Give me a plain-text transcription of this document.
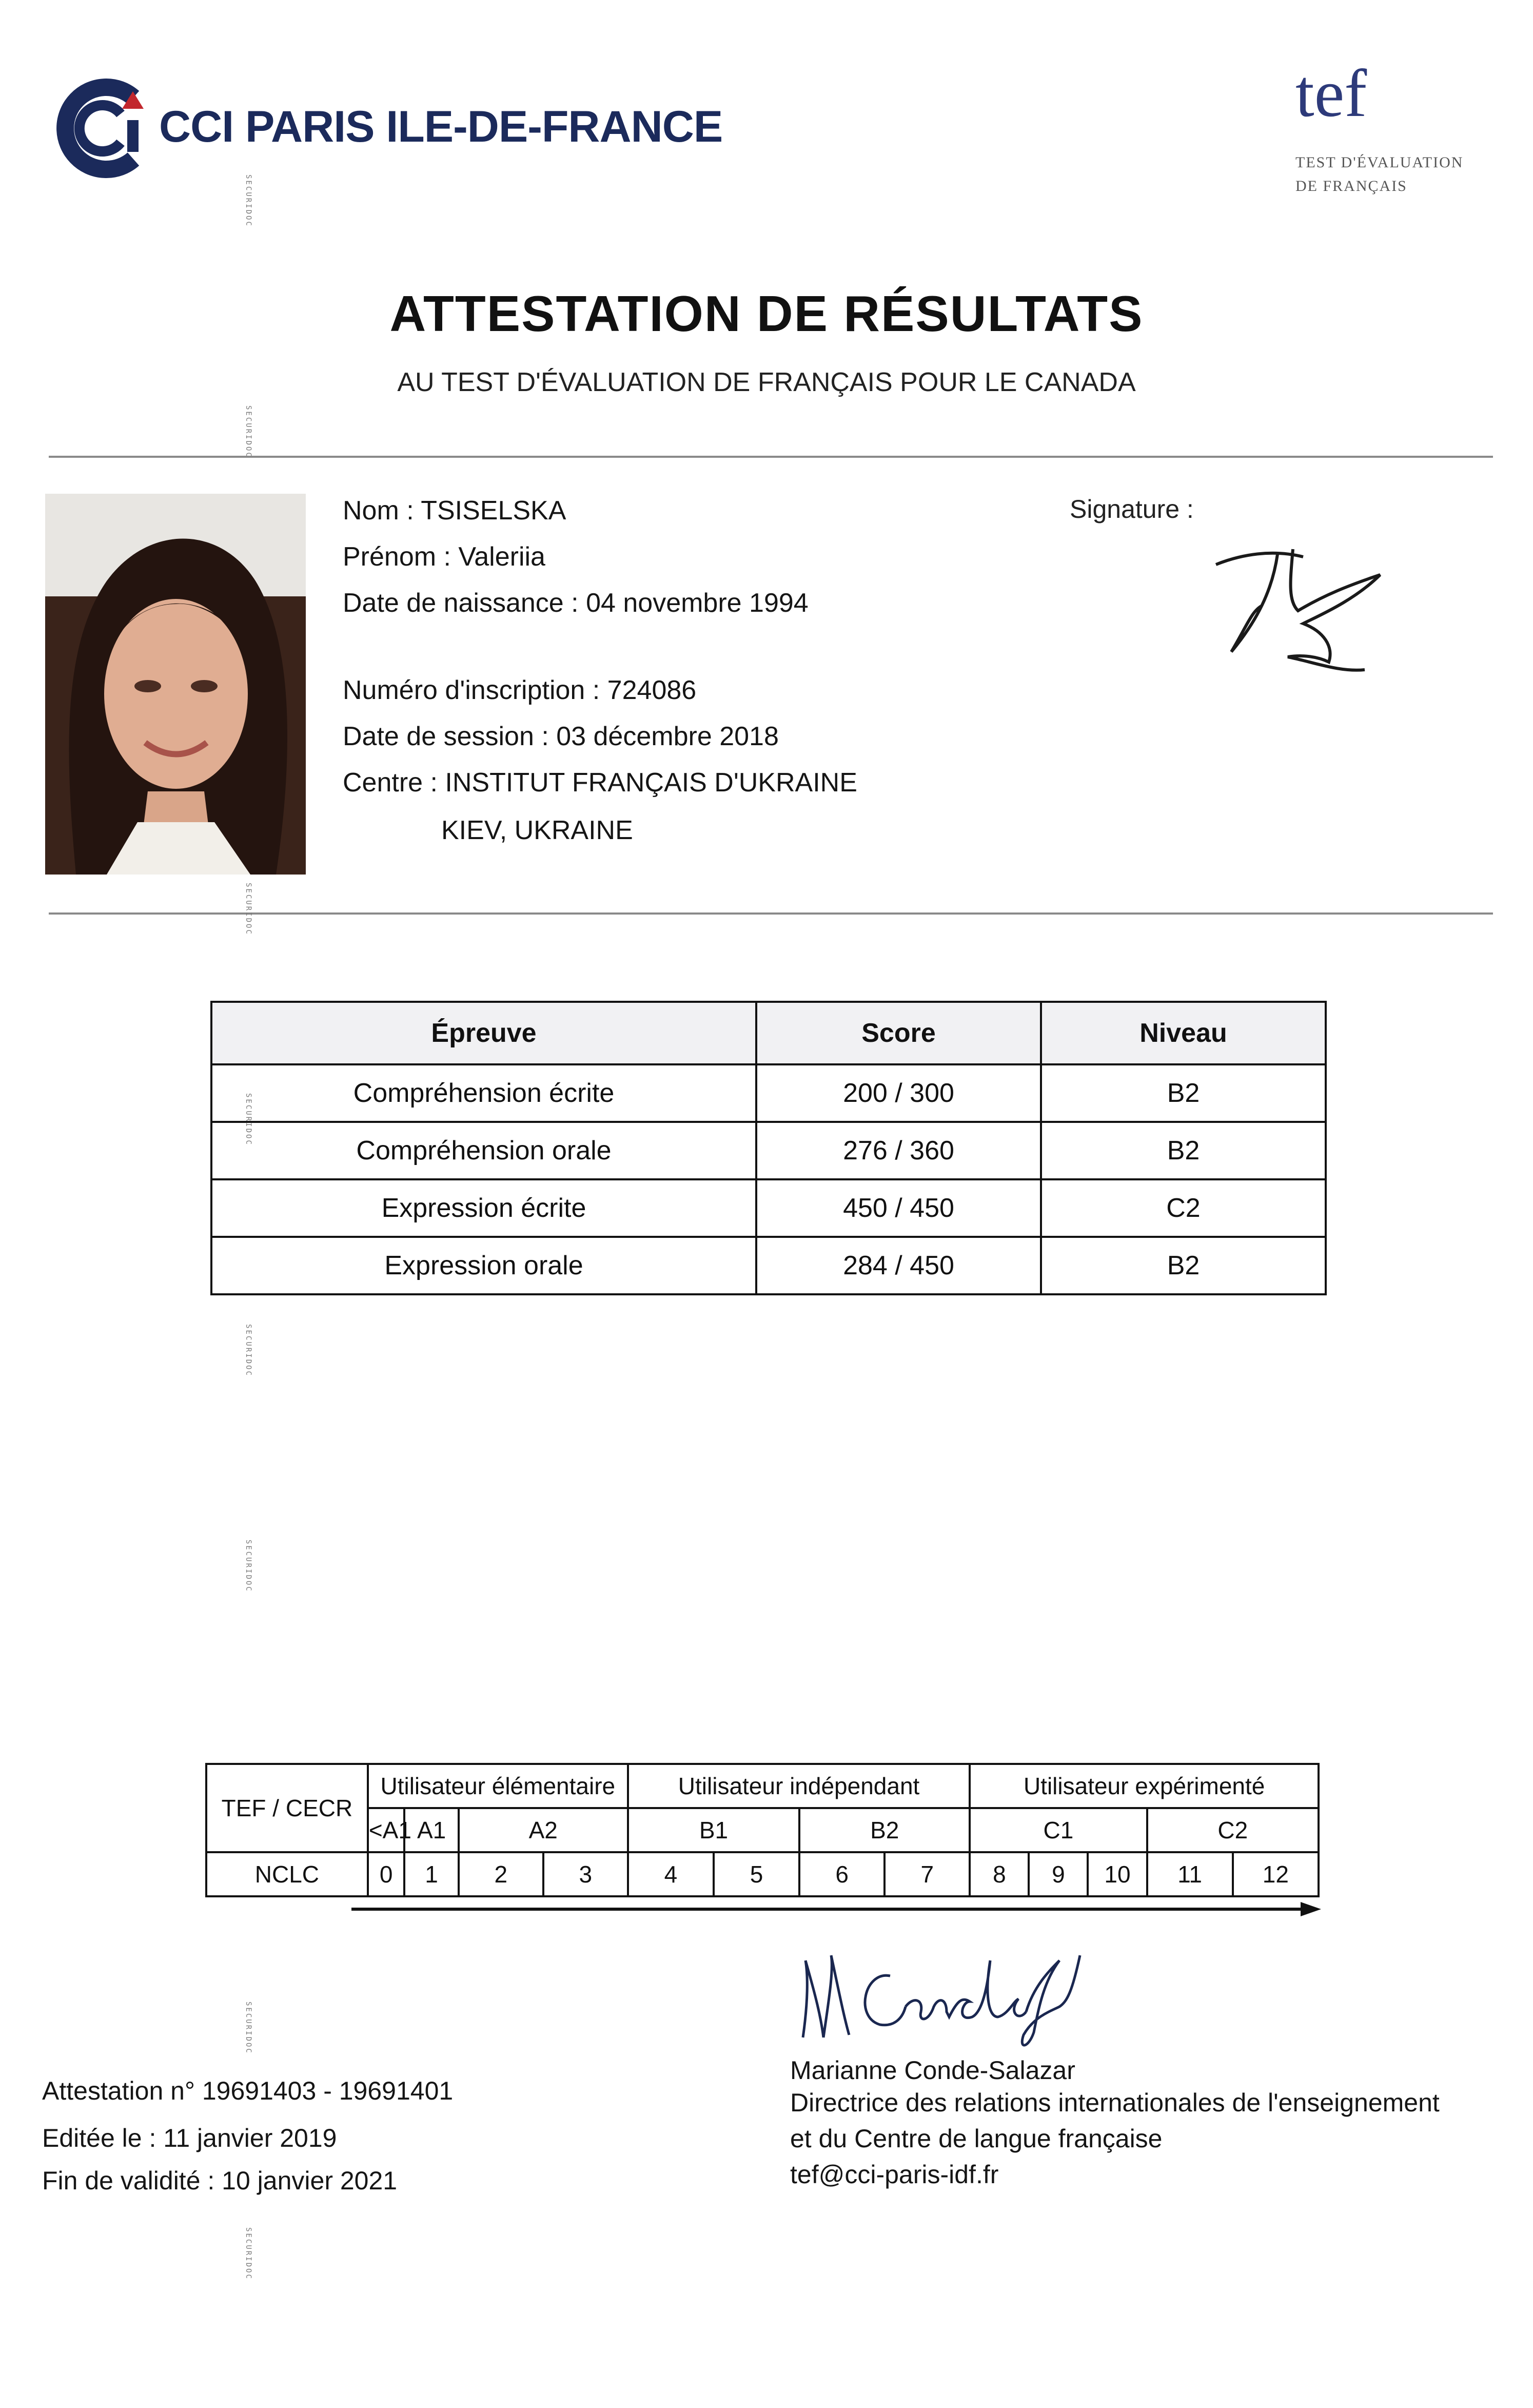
CCI PARIS ILE-DE-FRANCE	tef
TEST D'ÉVALUATION
DE FRANÇAIS
ATTESTATION DE RÉSULTATS
AU TEST D'ÉVALUATION DE FRANÇAIS POUR LE CANADA
Nom : TSISELSKA
Prénom : Valeriia
Date de naissance : 04 novembre 1994
Numéro d'inscription : 724086
Date de session : 03 décembre 2018
Centre : INSTITUT FRANÇAIS D'UKRAINE
KIEV, UKRAINE
Signature :
Épreuve	Score	Niveau
Compréhension écrite	200 / 300	B2
Compréhension orale	276 / 360	B2
Expression écrite	450 / 450	C2
Expression orale	284 / 450	B2
TEF / CECR	Utilisateur élémentaire				Utilisateur indépendant				Utilisateur expérimenté				
	<A1	A1	A2		B1		B2		C1			C2	
NCLC	0	1	2	3	4	5	6	7	8	9	10	11	12
Attestation n° 19691403 - 19691401
Editée le : 11 janvier 2019
Fin de validité : 10 janvier 2021
Marianne Conde-Salazar
Directrice des relations internationales de l'enseignement
et du Centre de langue française
tef@cci-paris-idf.fr
SECURIDOC
SECURIDOC
SECURIDOC
SECURIDOC
SECURIDOC
SECURIDOC
SECURIDOC
SECURIDOC
